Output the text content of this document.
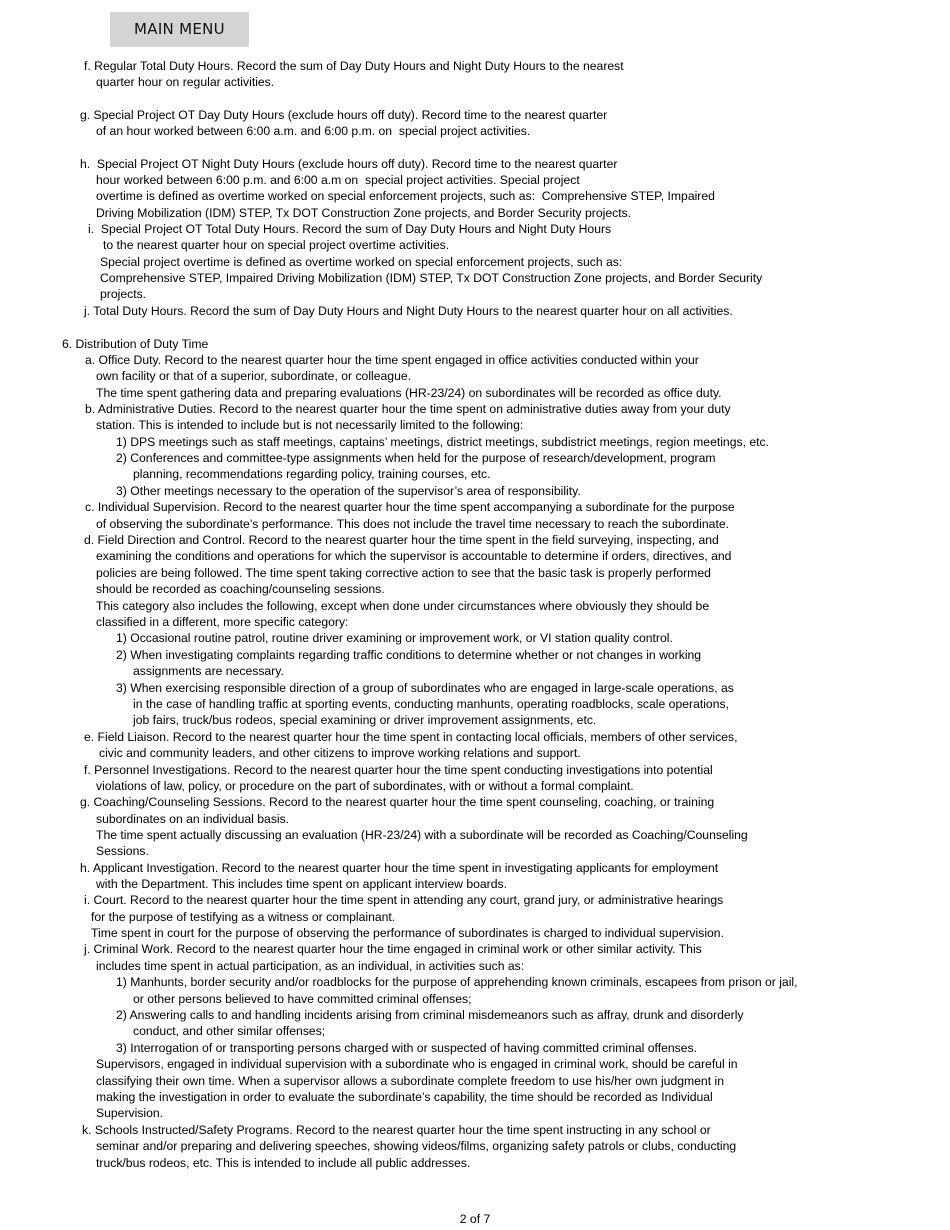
MAIN MENU
f. Regular Total Duty Hours. Record the sum of Day Duty Hours and Night Duty Hours to the nearest
quarter hour on regular activities.
g. Special Project OT Day Duty Hours (exclude hours off duty). Record time to the nearest quarter
of an hour worked between 6:00 a.m. and 6:00 p.m. on  special project activities.
h.  Special Project OT Night Duty Hours (exclude hours off duty). Record time to the nearest quarter
hour worked between 6:00 p.m. and 6:00 a.m on  special project activities. Special project
overtime is defined as overtime worked on special enforcement projects, such as:  Comprehensive STEP, Impaired
Driving Mobilization (IDM) STEP, Tx DOT Construction Zone projects, and Border Security projects.
i.  Special Project OT Total Duty Hours. Record the sum of Day Duty Hours and Night Duty Hours
to the nearest quarter hour on special project overtime activities.
Special project overtime is defined as overtime worked on special enforcement projects, such as:
Comprehensive STEP, Impaired Driving Mobilization (IDM) STEP, Tx DOT Construction Zone projects, and Border Security
projects.
j. Total Duty Hours. Record the sum of Day Duty Hours and Night Duty Hours to the nearest quarter hour on all activities.
6. Distribution of Duty Time
a. Office Duty. Record to the nearest quarter hour the time spent engaged in office activities conducted within your
own facility or that of a superior, subordinate, or colleague.
The time spent gathering data and preparing evaluations (HR-23/24) on subordinates will be recorded as office duty.
b. Administrative Duties. Record to the nearest quarter hour the time spent on administrative duties away from your duty
station. This is intended to include but is not necessarily limited to the following:
1) DPS meetings such as staff meetings, captains’ meetings, district meetings, subdistrict meetings, region meetings, etc.
2) Conferences and committee-type assignments when held for the purpose of research/development, program
planning, recommendations regarding policy, training courses, etc.
3) Other meetings necessary to the operation of the supervisor’s area of responsibility.
c. Individual Supervision. Record to the nearest quarter hour the time spent accompanying a subordinate for the purpose
of observing the subordinate’s performance. This does not include the travel time necessary to reach the subordinate.
d. Field Direction and Control. Record to the nearest quarter hour the time spent in the field surveying, inspecting, and
examining the conditions and operations for which the supervisor is accountable to determine if orders, directives, and
policies are being followed. The time spent taking corrective action to see that the basic task is properly performed
should be recorded as coaching/counseling sessions.
This category also includes the following, except when done under circumstances where obviously they should be
classified in a different, more specific category:
1) Occasional routine patrol, routine driver examining or improvement work, or VI station quality control.
2) When investigating complaints regarding traffic conditions to determine whether or not changes in working
assignments are necessary.
3) When exercising responsible direction of a group of subordinates who are engaged in large-scale operations, as
in the case of handling traffic at sporting events, conducting manhunts, operating roadblocks, scale operations,
job fairs, truck/bus rodeos, special examining or driver improvement assignments, etc.
e. Field Liaison. Record to the nearest quarter hour the time spent in contacting local officials, members of other services,
civic and community leaders, and other citizens to improve working relations and support.
f. Personnel Investigations. Record to the nearest quarter hour the time spent conducting investigations into potential
violations of law, policy, or procedure on the part of subordinates, with or without a formal complaint.
g. Coaching/Counseling Sessions. Record to the nearest quarter hour the time spent counseling, coaching, or training
subordinates on an individual basis.
The time spent actually discussing an evaluation (HR-23/24) with a subordinate will be recorded as Coaching/Counseling
Sessions.
h. Applicant Investigation. Record to the nearest quarter hour the time spent in investigating applicants for employment
with the Department. This includes time spent on applicant interview boards.
i. Court. Record to the nearest quarter hour the time spent in attending any court, grand jury, or administrative hearings
for the purpose of testifying as a witness or complainant.
Time spent in court for the purpose of observing the performance of subordinates is charged to individual supervision.
j. Criminal Work. Record to the nearest quarter hour the time engaged in criminal work or other similar activity. This
includes time spent in actual participation, as an individual, in activities such as:
1) Manhunts, border security and/or roadblocks for the purpose of apprehending known criminals, escapees from prison or jail,
or other persons believed to have committed criminal offenses;
2) Answering calls to and handling incidents arising from criminal misdemeanors such as affray, drunk and disorderly
conduct, and other similar offenses;
3) Interrogation of or transporting persons charged with or suspected of having committed criminal offenses.
Supervisors, engaged in individual supervision with a subordinate who is engaged in criminal work, should be careful in
classifying their own time. When a supervisor allows a subordinate complete freedom to use his/her own judgment in
making the investigation in order to evaluate the subordinate’s capability, the time should be recorded as Individual
Supervision.
k. Schools Instructed/Safety Programs. Record to the nearest quarter hour the time spent instructing in any school or
seminar and/or preparing and delivering speeches, showing videos/films, organizing safety patrols or clubs, conducting
truck/bus rodeos, etc. This is intended to include all public addresses.
2 of 7
